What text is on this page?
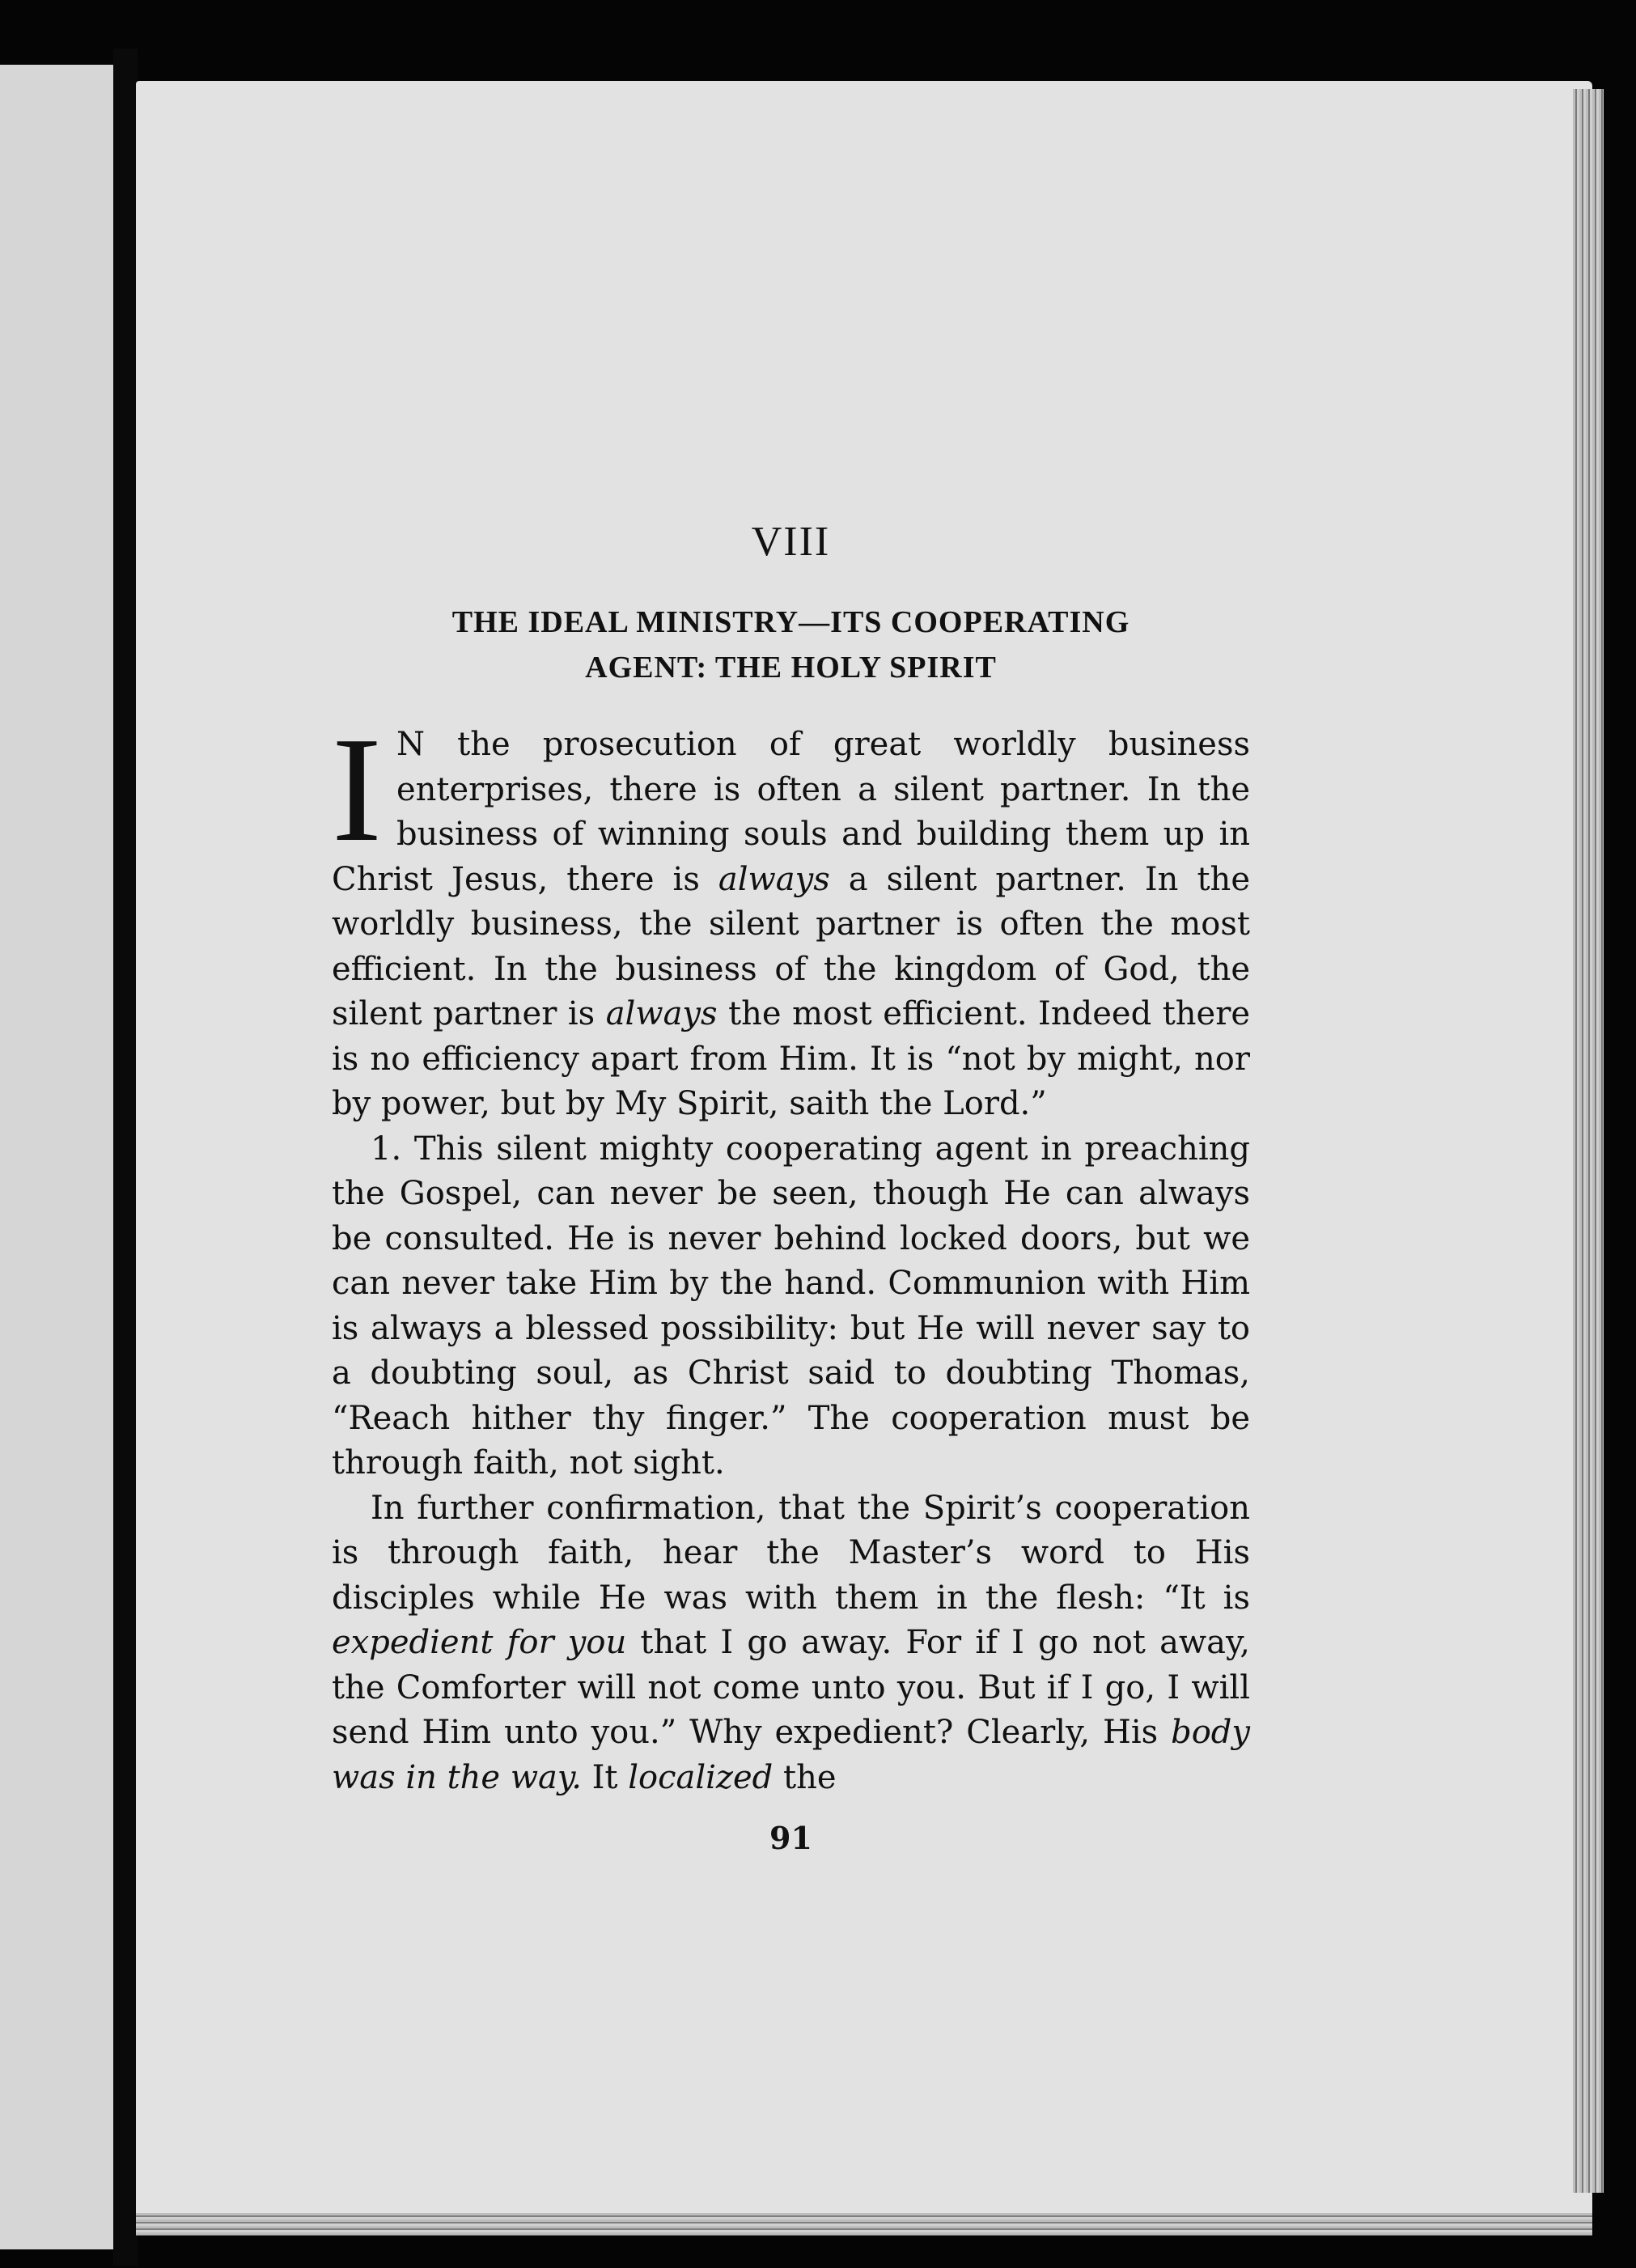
VIII
THE IDEAL MINISTRY—ITS COOPERATING
AGENT: THE HOLY SPIRIT

I N the prosecution of great worldly business enterprises, there is often a silent partner. In the business of winning souls and building them up in Christ Jesus, there is always a silent partner. In the worldly business, the silent partner is often the most efficient. In the business of the kingdom of God, the silent partner is always the most efficient. Indeed there is no efficiency apart from Him. It is “not by might, nor by power, but by My Spirit, saith the Lord.”

1. This silent mighty cooperating agent in preaching the Gospel, can never be seen, though He can always be consulted. He is never behind locked doors, but we can never take Him by the hand. Communion with Him is always a blessed possibility: but He will never say to a doubting soul, as Christ said to doubting Thomas, “Reach hither thy finger.” The cooperation must be through faith, not sight.

In further confirmation, that the Spirit’s cooperation is through faith, hear the Master’s word to His disciples while He was with them in the flesh: “It is expedient for you that I go away. For if I go not away, the Comforter will not come unto you. But if I go, I will send Him unto you.” Why expedient? Clearly, His body was in the way. It localized the

91
